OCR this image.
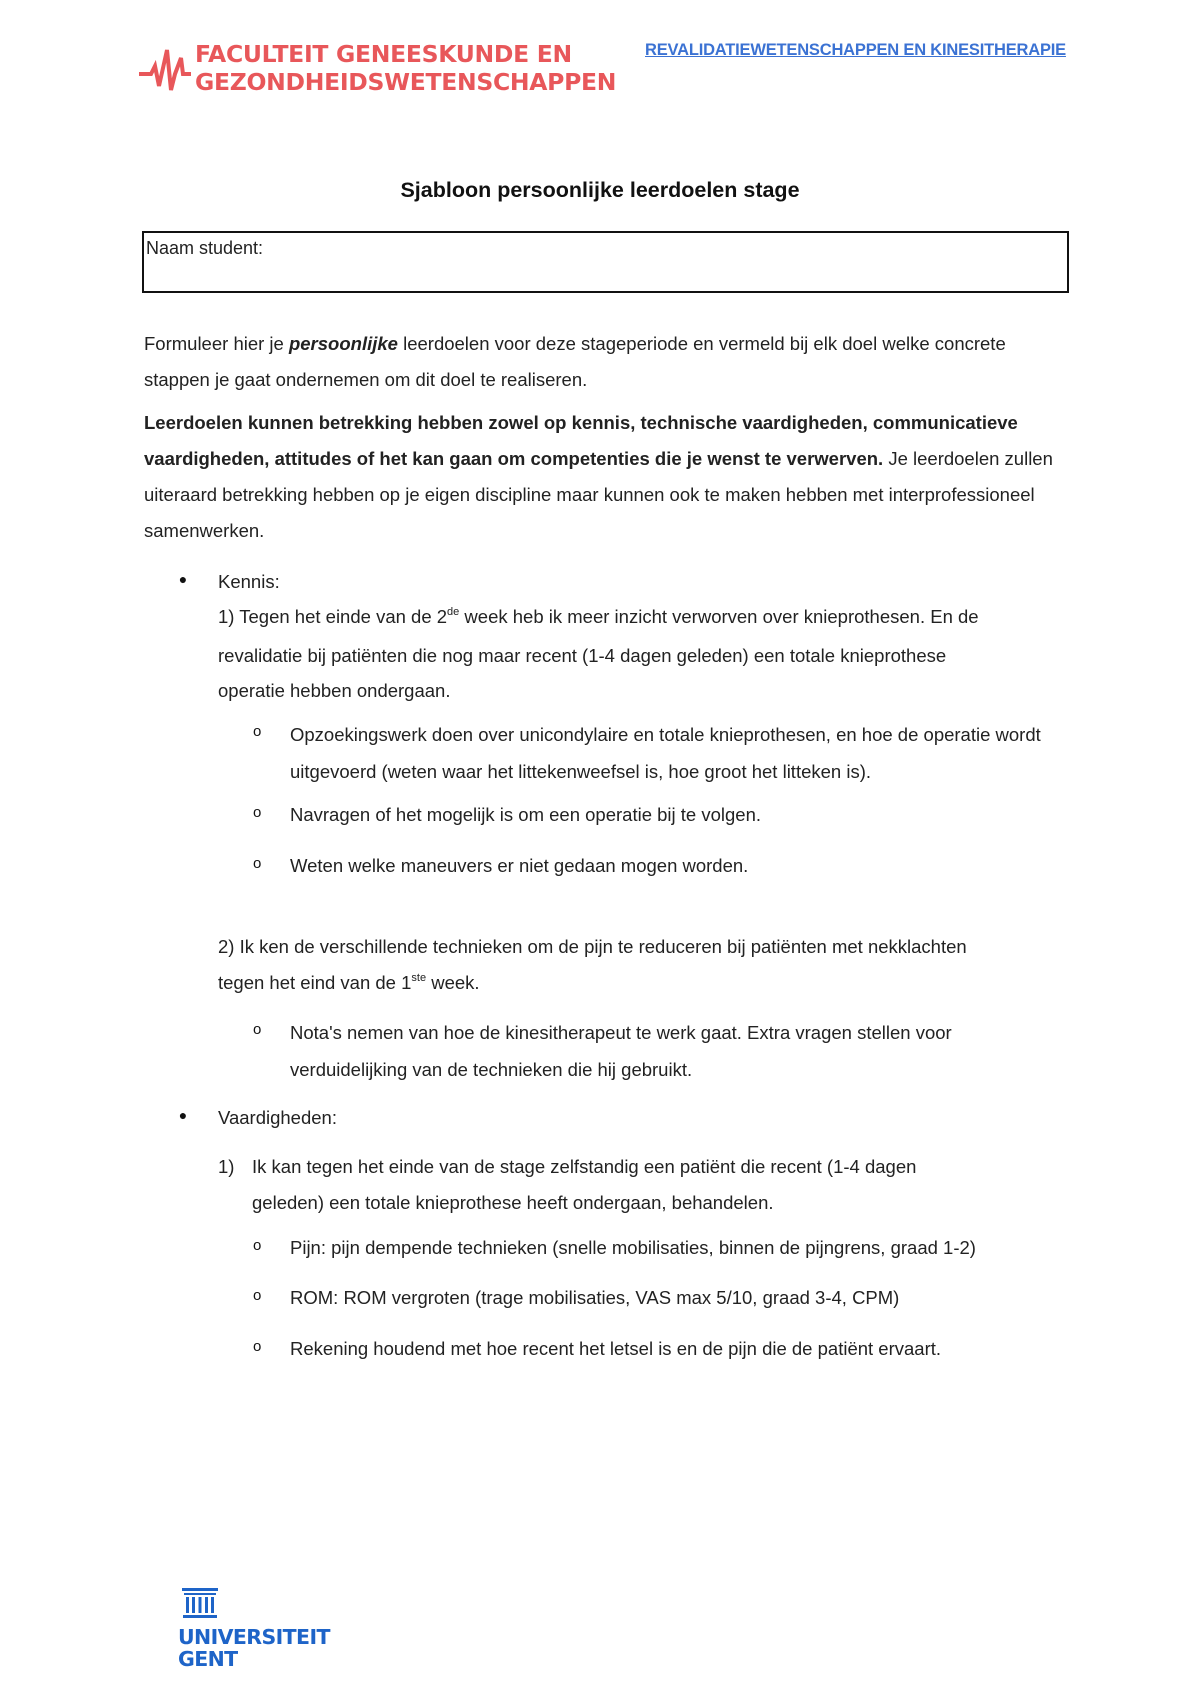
FACULTEIT GENEESKUNDE EN
GEZONDHEIDSWETENSCHAPPEN
REVALIDATIEWETENSCHAPPEN EN KINESITHERAPIE
Sjabloon persoonlijke leerdoelen stage
Naam student:

Formuleer hier je persoonlijke leerdoelen voor deze stageperiode en vermeld bij elk doel welke concrete stappen je gaat ondernemen om dit doel te realiseren.

Leerdoelen kunnen betrekking hebben zowel op kennis, technische vaardigheden, communicatieve vaardigheden, attitudes of het kan gaan om competenties die je wenst te verwerven. Je leerdoelen zullen uiteraard betrekking hebben op je eigen discipline maar kunnen ook te maken hebben met interprofessioneel samenwerken.

●	Kennis:
1) Tegen het einde van de 2de week heb ik meer inzicht verworven over knieprothesen. En de
revalidatie bij patiënten die nog maar recent (1-4 dagen geleden) een totale knieprothese
operatie hebben ondergaan.
o Opzoekingswerk doen over unicondylaire en totale knieprothesen, en hoe de operatie wordt uitgevoerd (weten waar het littekenweefsel is, hoe groot het litteken is).
o Navragen of het mogelijk is om een operatie bij te volgen.
o Weten welke maneuvers er niet gedaan mogen worden.
2) Ik ken de verschillende technieken om de pijn te reduceren bij patiënten met nekklachten
tegen het eind van de 1ste week.
o Nota's nemen van hoe de kinesitherapeut te werk gaat. Extra vragen stellen voor verduidelijking van de technieken die hij gebruikt.
●	Vaardigheden:
1) Ik kan tegen het einde van de stage zelfstandig een patiënt die recent (1-4 dagen
geleden) een totale knieprothese heeft ondergaan, behandelen.
o Pijn: pijn dempende technieken (snelle mobilisaties, binnen de pijngrens, graad 1-2)
o ROM: ROM vergroten (trage mobilisaties, VAS max 5/10, graad 3-4, CPM)
o Rekening houdend met hoe recent het letsel is en de pijn die de patiënt ervaart.
UNIVERSITEIT
GENT
